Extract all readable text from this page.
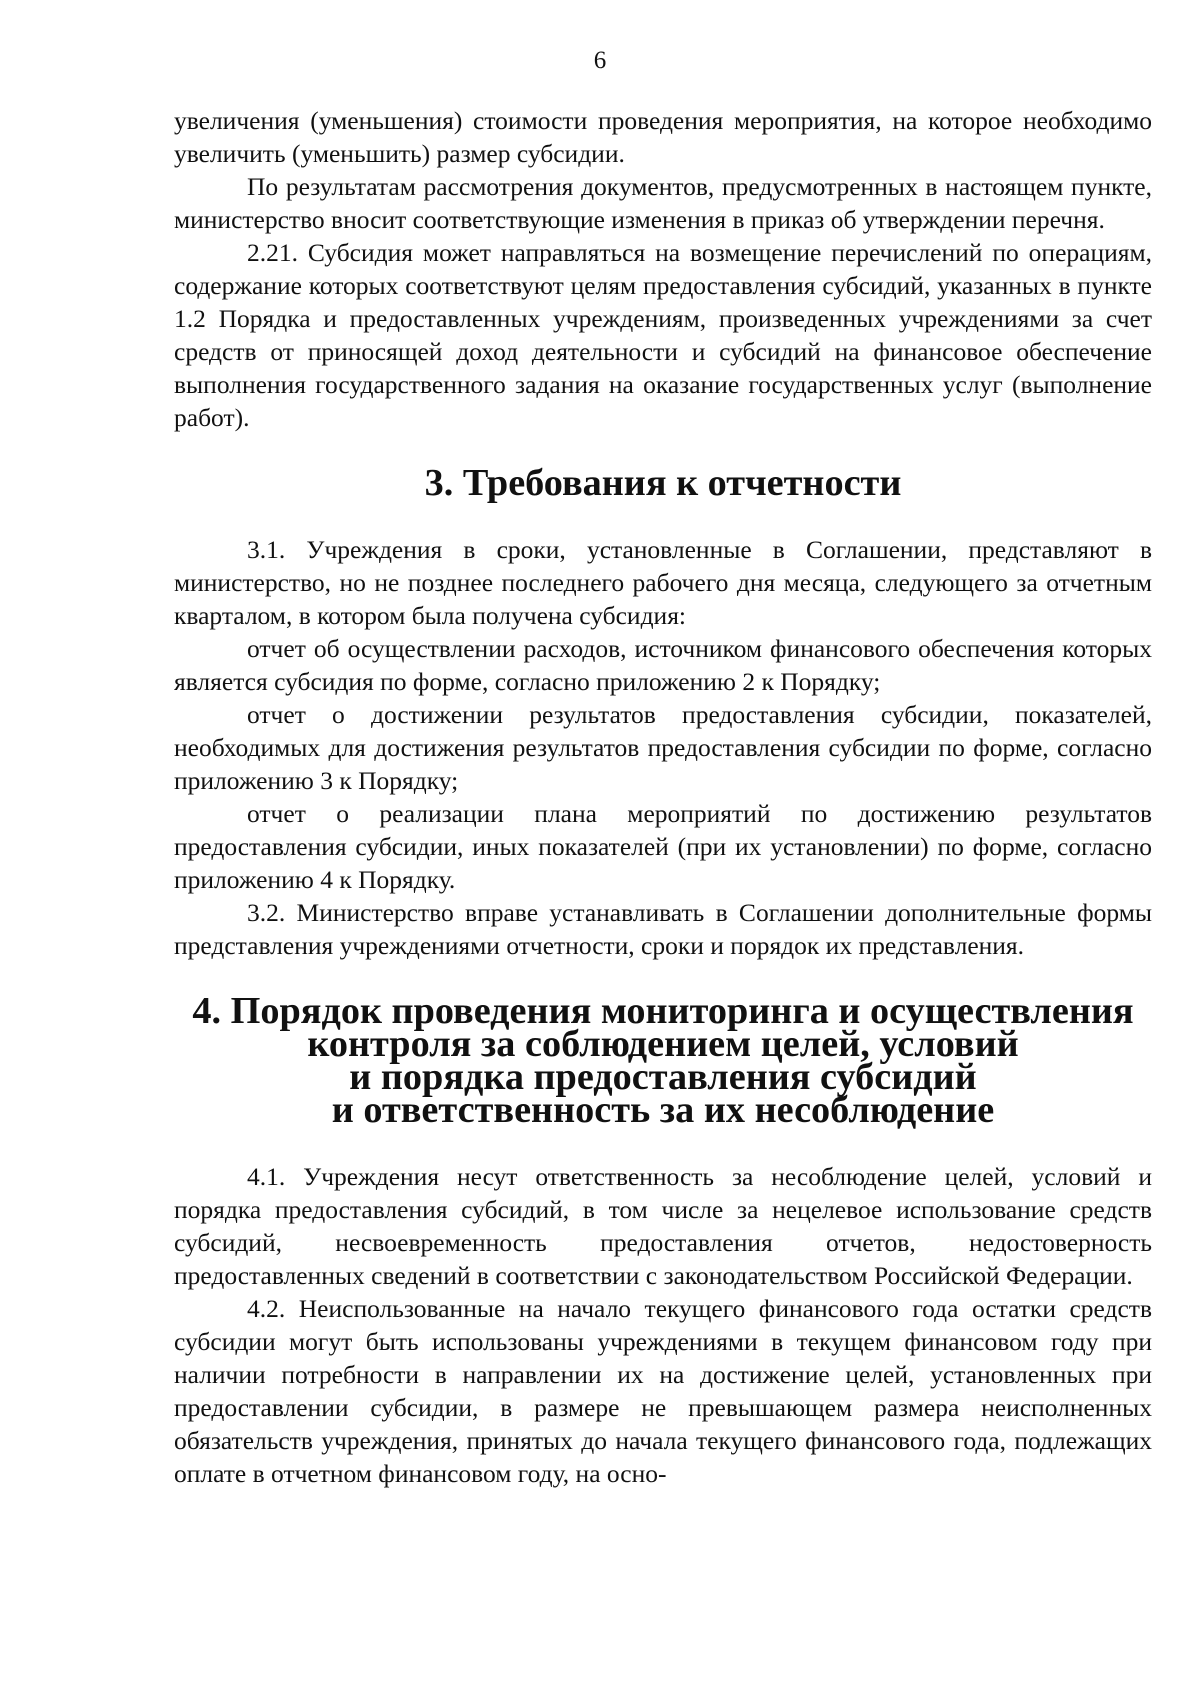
6

увеличения (уменьшения) стоимости проведения мероприятия, на которое необходимо увеличить (уменьшить) размер субсидии.

По результатам рассмотрения документов, предусмотренных в настоящем пункте, министерство вносит соответствующие изменения в приказ об утверждении перечня.

2.21. Субсидия может направляться на возмещение перечислений по операциям, содержание которых соответствуют целям предоставления субсидий, указанных в пункте 1.2 Порядка и предоставленных учреждениям, произведенных учреждениями за счет средств от приносящей доход деятельности и субсидий на финансовое обеспечение выполнения государственного задания на оказание государственных услуг (выполнение работ).

3. Требования к отчетности

3.1. Учреждения в сроки, установленные в Соглашении, представляют в министерство, но не позднее последнего рабочего дня месяца, следующего за отчетным кварталом, в котором была получена субсидия:

отчет об осуществлении расходов, источником финансового обеспечения которых является субсидия по форме, согласно приложению 2 к Порядку;

отчет о достижении результатов предоставления субсидии, показателей, необходимых для достижения результатов предоставления субсидии по форме, согласно приложению 3 к Порядку;

отчет о реализации плана мероприятий по достижению результатов предоставления субсидии, иных показателей (при их установлении) по форме, согласно приложению 4 к Порядку.

3.2. Министерство вправе устанавливать в Соглашении дополнительные формы представления учреждениями отчетности, сроки и порядок их представления.

4. Порядок проведения мониторинга и осуществления
контроля за соблюдением целей, условий
и порядка предоставления субсидий
и ответственность за их несоблюдение

4.1. Учреждения несут ответственность за несоблюдение целей, условий и порядка предоставления субсидий, в том числе за нецелевое использование средств субсидий, несвоевременность предоставления отчетов, недостоверность предоставленных сведений в соответствии с законодательством Российской Федерации.

4.2. Неиспользованные на начало текущего финансового года остатки средств субсидии могут быть использованы учреждениями в текущем финансовом году при наличии потребности в направлении их на достижение целей, установленных при предоставлении субсидии, в размере не превышающем размера неисполненных обязательств учреждения, принятых до начала текущего финансового года, подлежащих оплате в отчетном финансовом году, на осно-
